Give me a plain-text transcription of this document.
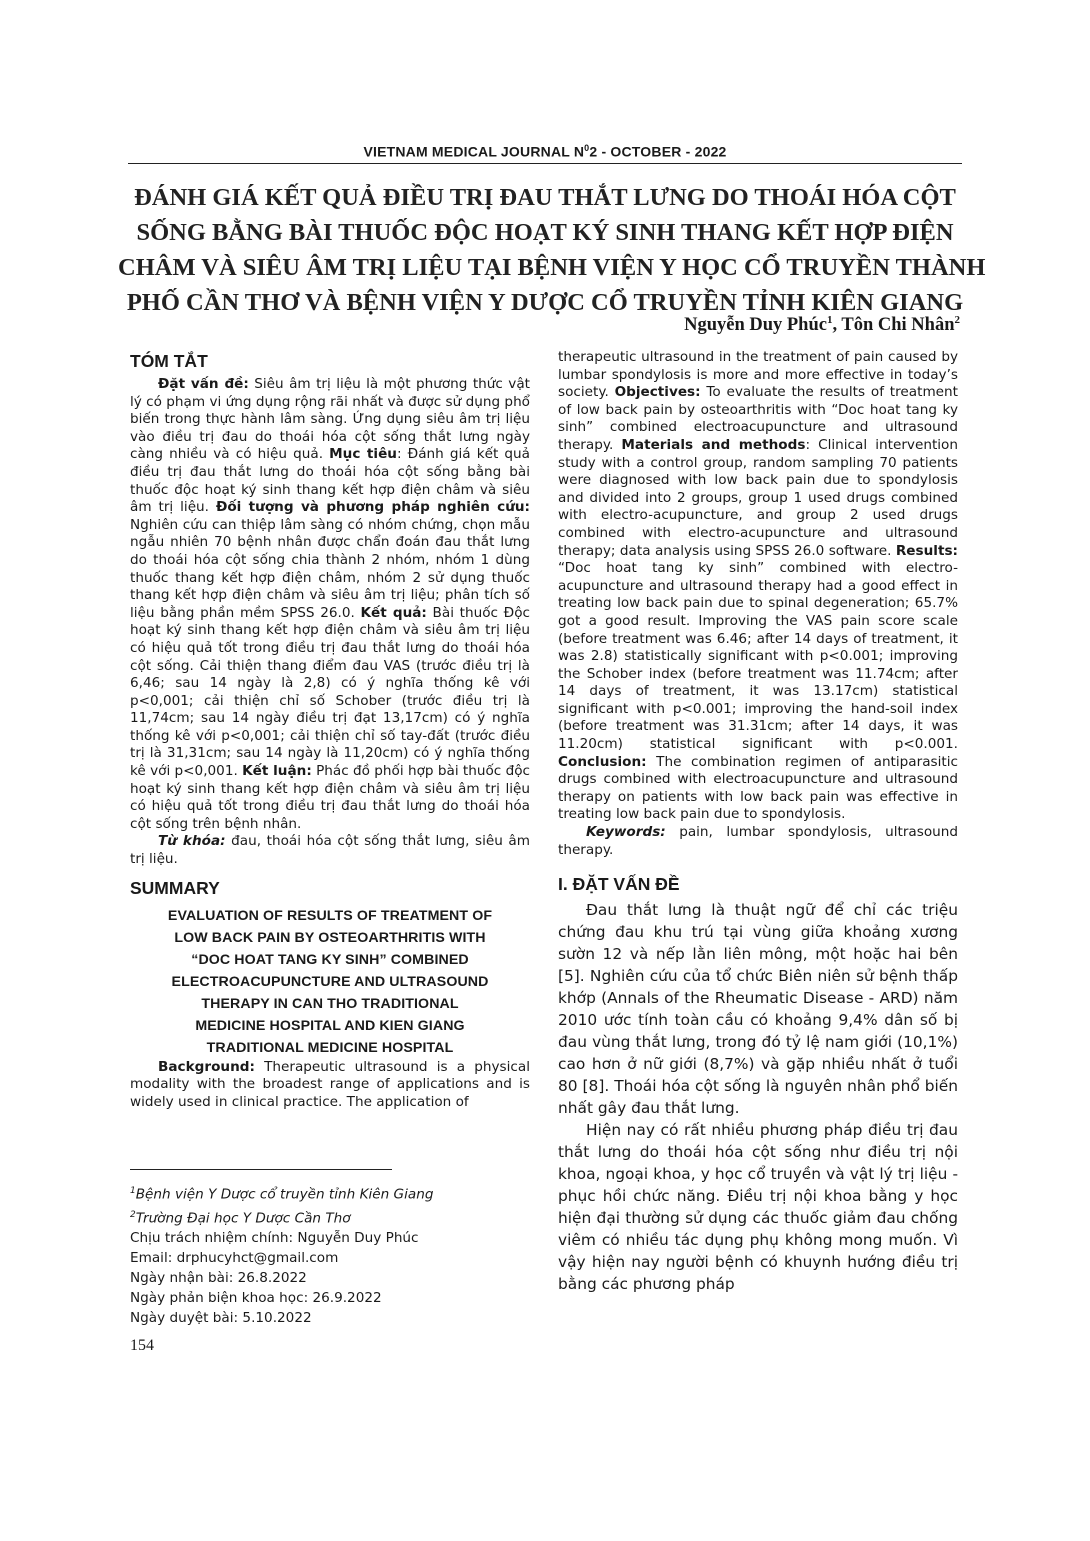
VIETNAM MEDICAL JOURNAL $N^02$ - OCTOBER - 2022
ĐÁNH GIÁ KẾT QUẢ ĐIỀU TRỊ ĐAU THẮT LƯNG DO THOÁI HÓA CỘT
SỐNG BẰNG BÀI THUỐC ĐỘC HOẠT KÝ SINH THANG KẾT HỢP ĐIỆN
CHÂM VÀ SIÊU ÂM TRỊ LIỆU TẠI BỆNH VIỆN Y HỌC CỔ TRUYỀN THÀNH
PHỐ CẦN THƠ VÀ BỆNH VIỆN Y DƯỢC CỔ TRUYỀN TỈNH KIÊN GIANG
Nguyễn Duy Phúc$^1$, Tôn Chi Nhân$^2$
TÓM TẮT

Đặt vấn đề: Siêu âm trị liệu là một phương thức vật lý có phạm vi ứng dụng rộng rãi nhất và được sử dụng phổ biến trong thực hành lâm sàng. Ứng dụng siêu âm trị liệu vào điều trị đau do thoái hóa cột sống thắt lưng ngày càng nhiều và có hiệu quả. Mục tiêu: Đánh giá kết quả điều trị đau thắt lưng do thoái hóa cột sống bằng bài thuốc độc hoạt ký sinh thang kết hợp điện châm và siêu âm trị liệu. Đối tượng và phương pháp nghiên cứu: Nghiên cứu can thiệp lâm sàng có nhóm chứng, chọn mẫu ngẫu nhiên 70 bệnh nhân được chẩn đoán đau thắt lưng do thoái hóa cột sống chia thành 2 nhóm, nhóm 1 dùng thuốc thang kết hợp điện châm, nhóm 2 sử dụng thuốc thang kết hợp điện châm và siêu âm trị liệu; phân tích số liệu bằng phần mềm SPSS 26.0. Kết quả: Bài thuốc Độc hoạt ký sinh thang kết hợp điện châm và siêu âm trị liệu có hiệu quả tốt trong điều trị đau thắt lưng do thoái hóa cột sống. Cải thiện thang điểm đau VAS (trước điều trị là 6,46; sau 14 ngày là 2,8) có ý nghĩa thống kê với p<0,001; cải thiện chỉ số Schober (trước điều trị là 11,74cm; sau 14 ngày điều trị đạt 13,17cm) có ý nghĩa thống kê với p<0,001; cải thiện chỉ số tay-đất (trước điều trị là 31,31cm; sau 14 ngày là 11,20cm) có ý nghĩa thống kê với p<0,001. Kết luận: Phác đồ phối hợp bài thuốc độc hoạt ký sinh thang kết hợp điện châm và siêu âm trị liệu có hiệu quả tốt trong điều trị đau thắt lưng do thoái hóa cột sống trên bệnh nhân.

Từ khóa: đau, thoái hóa cột sống thắt lưng, siêu âm trị liệu.

SUMMARY
EVALUATION OF RESULTS OF TREATMENT OF
LOW BACK PAIN BY OSTEOARTHRITIS WITH
“DOC HOAT TANG KY SINH” COMBINED
ELECTROACUPUNCTURE AND ULTRASOUND
THERAPY IN CAN THO TRADITIONAL
MEDICINE HOSPITAL AND KIEN GIANG
TRADITIONAL MEDICINE HOSPITAL

Background: Therapeutic ultrasound is a physical modality with the broadest range of applications and is widely used in clinical practice. The application of

$^1$Bệnh viện Y Dược cổ truyền tỉnh Kiên Giang
$^2$Trường Đại học Y Dược Cần Thơ
Chịu trách nhiệm chính: Nguyễn Duy Phúc
Email: drphucyhct@gmail.com
Ngày nhận bài: 26.8.2022
Ngày phản biện khoa học: 26.9.2022
Ngày duyệt bài: 5.10.2022
154

therapeutic ultrasound in the treatment of pain caused by lumbar spondylosis is more and more effective in today’s society. Objectives: To evaluate the results of treatment of low back pain by osteoarthritis with “Doc hoat tang ky sinh” combined electroacupuncture and ultrasound therapy. Materials and methods: Clinical intervention study with a control group, random sampling 70 patients were diagnosed with low back pain due to spondylosis and divided into 2 groups, group 1 used drugs combined with electro-acupuncture, and group 2 used drugs combined with electro-acupuncture and ultrasound therapy; data analysis using SPSS 26.0 software. Results: “Doc hoat tang ky sinh” combined with electro-acupuncture and ultrasound therapy had a good effect in treating low back pain due to spinal degeneration; 65.7% got a good result. Improving the VAS pain score scale (before treatment was 6.46; after 14 days of treatment, it was 2.8) statistically significant with p<0.001; improving the Schober index (before treatment was 11.74cm; after 14 days of treatment, it was 13.17cm) statistical significant with p<0.001; improving the hand-soil index (before treatment was 31.31cm; after 14 days, it was 11.20cm) statistical significant with p<0.001. Conclusion: The combination regimen of antiparasitic drugs combined with electroacupuncture and ultrasound therapy on patients with low back pain was effective in treating low back pain due to spondylosis.

Keywords: pain, lumbar spondylosis, ultrasound therapy.

I. ĐẶT VẤN ĐỀ

Đau thắt lưng là thuật ngữ để chỉ các triệu chứng đau khu trú tại vùng giữa khoảng xương sườn 12 và nếp lằn liên mông, một hoặc hai bên [5]. Nghiên cứu của tổ chức Biên niên sử bệnh thấp khớp (Annals of the Rheumatic Disease - ARD) năm 2010 ước tính toàn cầu có khoảng 9,4% dân số bị đau vùng thắt lưng, trong đó tỷ lệ nam giới (10,1%) cao hơn ở nữ giới (8,7%) và gặp nhiều nhất ở tuổi 80 [8]. Thoái hóa cột sống là nguyên nhân phổ biến nhất gây đau thắt lưng.

Hiện nay có rất nhiều phương pháp điều trị đau thắt lưng do thoái hóa cột sống như điều trị nội khoa, ngoại khoa, y học cổ truyền và vật lý trị liệu - phục hồi chức năng. Điều trị nội khoa bằng y học hiện đại thường sử dụng các thuốc giảm đau chống viêm có nhiều tác dụng phụ không mong muốn. Vì vậy hiện nay người bệnh có khuynh hướng điều trị bằng các phương pháp
